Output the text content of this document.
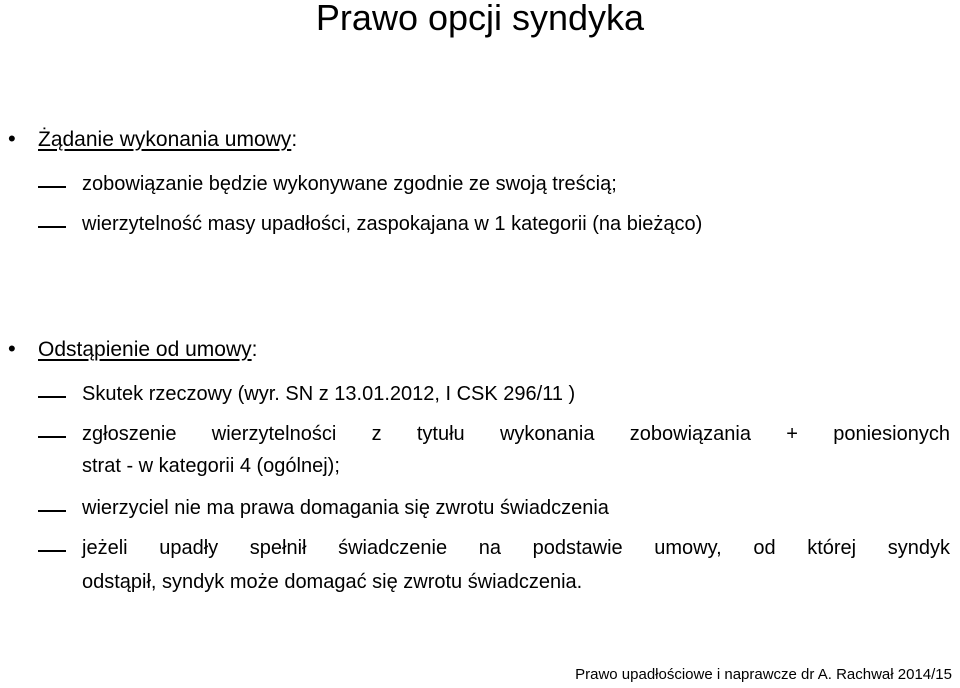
Prawo opcji syndyka
• Żądanie wykonania umowy:
zobowiązanie będzie wykonywane zgodnie ze swoją treścią;
wierzytelność masy upadłości, zaspokajana w 1 kategorii (na bieżąco)
• Odstąpienie od umowy:
Skutek rzeczowy (wyr. SN z 13.01.2012, I CSK 296/11 )
zgłoszenie wierzytelności z tytułu wykonania zobowiązania + poniesionych
strat - w kategorii 4 (ogólnej);
wierzyciel nie ma prawa domagania się zwrotu świadczenia
jeżeli upadły spełnił świadczenie na podstawie umowy, od której syndyk
odstąpił, syndyk może domagać się zwrotu świadczenia.
Prawo upadłościowe i naprawcze dr A. Rachwał 2014/15
